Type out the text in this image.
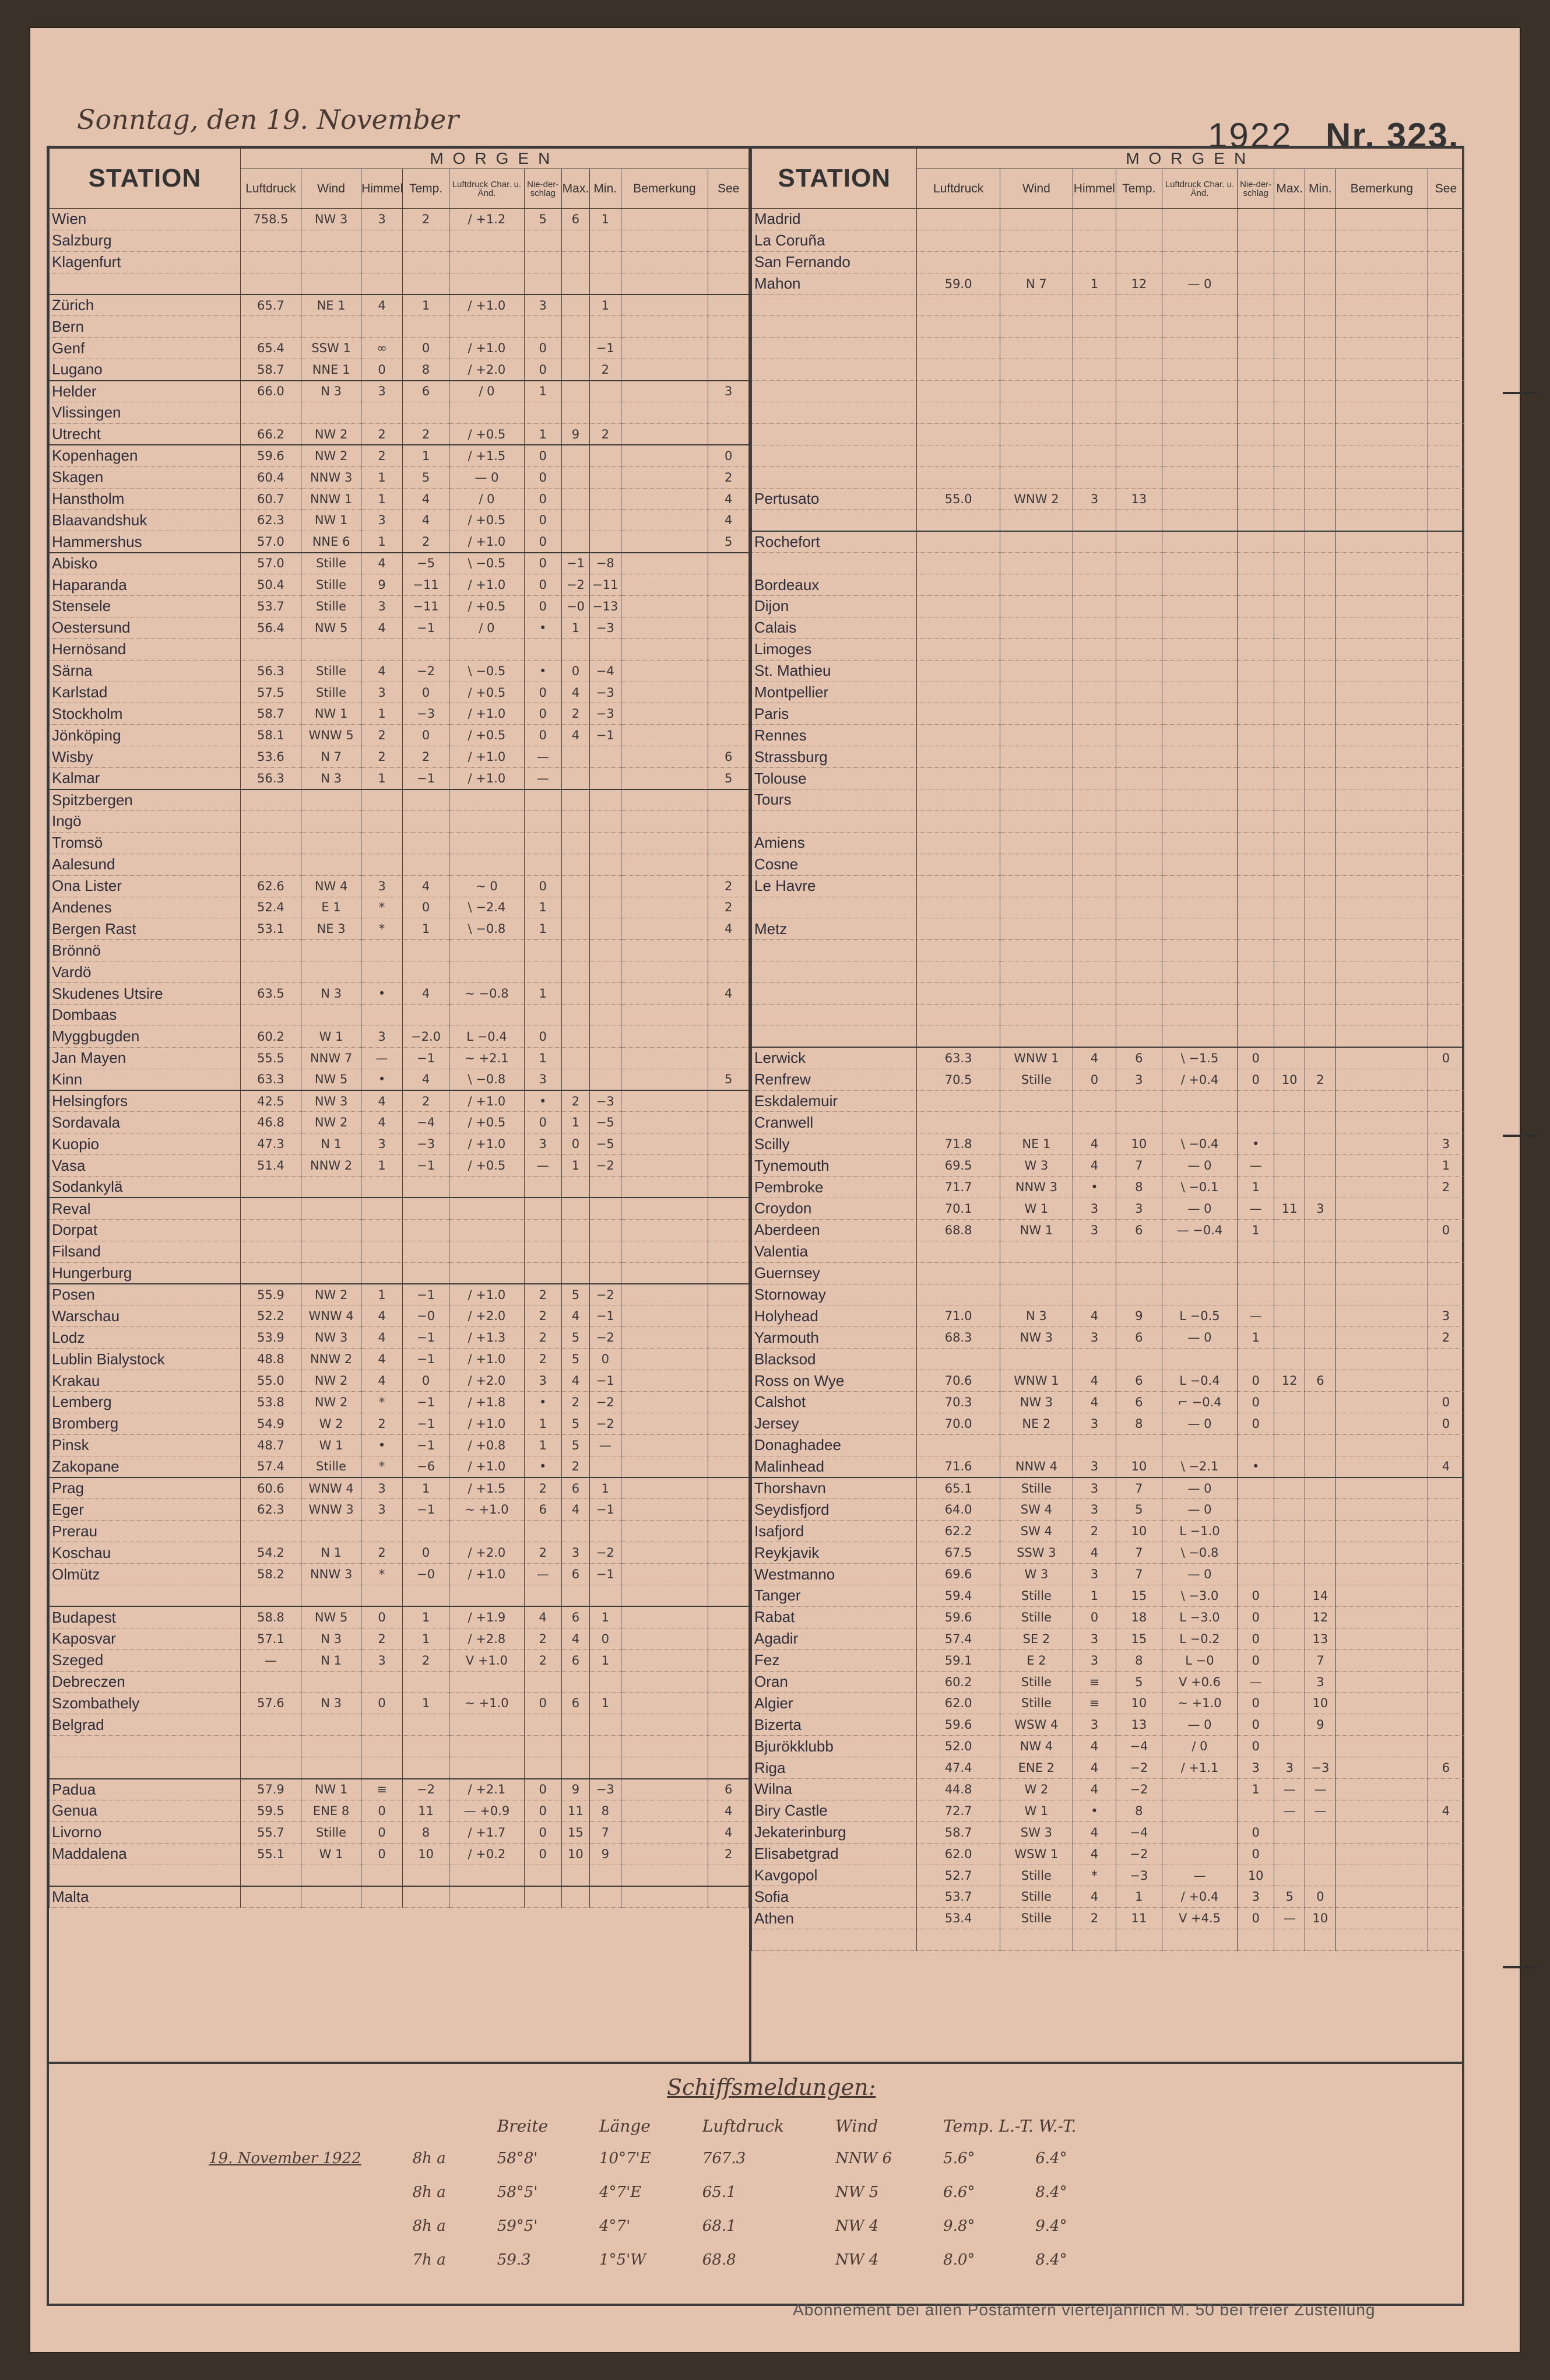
Sonntag, den 19. November	1922 Nr. 323.
STATION	MORGEN									
	Luftdruck	Wind	Himmel	Temp.	Luftdruck Char. u. Änd.	Nie-der-schlag	Max.	Min.	Bemerkung	See
Wien	758.5	NW 3	3	2	/ +1.2	5	6	1		
Salzburg										
Klagenfurt										

Zürich	65.7	NE 1	4	1	/ +1.0	3		1		
Bern										
Genf	65.4	SSW 1	∞	0	/ +1.0	0		−1		
Lugano	58.7	NNE 1	0	8	/ +2.0	0		2		
Helder	66.0	N 3	3	6	/ 0	1				3
Vlissingen										
Utrecht	66.2	NW 2	2	2	/ +0.5	1	9	2		
Kopenhagen	59.6	NW 2	2	1	/ +1.5	0				0
Skagen	60.4	NNW 3	1	5	— 0	0				2
Hanstholm	60.7	NNW 1	1	4	/ 0	0				4
Blaavandshuk	62.3	NW 1	3	4	/ +0.5	0				4
Hammershus	57.0	NNE 6	1	2	/ +1.0	0				5
Abisko	57.0	Stille	4	−5	\ −0.5	0	−1	−8		
Haparanda	50.4	Stille	9	−11	/ +1.0	0	−2	−11		
Stensele	53.7	Stille	3	−11	/ +0.5	0	−0	−13		
Oestersund	56.4	NW 5	4	−1	/ 0	•	1	−3		
Hernösand										
Särna	56.3	Stille	4	−2	\ −0.5	•	0	−4		
Karlstad	57.5	Stille	3	0	/ +0.5	0	4	−3		
Stockholm	58.7	NW 1	1	−3	/ +1.0	0	2	−3		
Jönköping	58.1	WNW 5	2	0	/ +0.5	0	4	−1		
Wisby	53.6	N 7	2	2	/ +1.0	—				6
Kalmar	56.3	N 3	1	−1	/ +1.0	—				5
Spitzbergen										
Ingö										
Tromsö										
Aalesund										
Ona Lister	62.6	NW 4	3	4	~ 0	0				2
Andenes	52.4	E 1	*	0	\ −2.4	1				2
Bergen Rast	53.1	NE 3	*	1	\ −0.8	1				4
Brönnö										
Vardö										
Skudenes Utsire	63.5	N 3	•	4	~ −0.8	1				4
Dombaas										
Myggbugden	60.2	W 1	3	−2.0	L −0.4	0				
Jan Mayen	55.5	NNW 7	—	−1	~ +2.1	1				
Kinn	63.3	NW 5	•	4	\ −0.8	3				5
Helsingfors	42.5	NW 3	4	2	/ +1.0	•	2	−3		
Sordavala	46.8	NW 2	4	−4	/ +0.5	0	1	−5		
Kuopio	47.3	N 1	3	−3	/ +1.0	3	0	−5		
Vasa	51.4	NNW 2	1	−1	/ +0.5	—	1	−2		
Sodankylä										
Reval										
Dorpat										
Filsand										
Hungerburg										
Posen	55.9	NW 2	1	−1	/ +1.0	2	5	−2		
Warschau	52.2	WNW 4	4	−0	/ +2.0	2	4	−1		
Lodz	53.9	NW 3	4	−1	/ +1.3	2	5	−2		
Lublin Bialystock	48.8	NNW 2	4	−1	/ +1.0	2	5	0		
Krakau	55.0	NW 2	4	0	/ +2.0	3	4	−1		
Lemberg	53.8	NW 2	*	−1	/ +1.8	•	2	−2		
Bromberg	54.9	W 2	2	−1	/ +1.0	1	5	−2		
Pinsk	48.7	W 1	•	−1	/ +0.8	1	5	—		
Zakopane	57.4	Stille	*	−6	/ +1.0	•	2			
Prag	60.6	WNW 4	3	1	/ +1.5	2	6	1		
Eger	62.3	WNW 3	3	−1	~ +1.0	6	4	−1		
Prerau										
Koschau	54.2	N 1	2	0	/ +2.0	2	3	−2		
Olmütz	58.2	NNW 3	*	−0	/ +1.0	—	6	−1		

Budapest	58.8	NW 5	0	1	/ +1.9	4	6	1		
Kaposvar	57.1	N 3	2	1	/ +2.8	2	4	0		
Szeged	—	N 1	3	2	V +1.0	2	6	1		
Debreczen										
Szombathely	57.6	N 3	0	1	~ +1.0	0	6	1		
Belgrad										

Padua	57.9	NW 1	≡	−2	/ +2.1	0	9	−3		6
Genua	59.5	ENE 8	0	11	— +0.9	0	11	8		4
Livorno	55.7	Stille	0	8	/ +1.7	0	15	7		4
Maddalena	55.1	W 1	0	10	/ +0.2	0	10	9		2

Malta										
STATION	MORGEN									
	Luftdruck	Wind	Himmel	Temp.	Luftdruck Char. u. Änd.	Nie-der-schlag	Max.	Min.	Bemerkung	See
Madrid										
La Coruña										
San Fernando										
Mahon	59.0	N 7	1	12	— 0					

Pertusato	55.0	WNW 2	3	13						

Rochefort										

Bordeaux										
Dijon										
Calais										
Limoges										
St. Mathieu										
Montpellier										
Paris										
Rennes										
Strassburg										
Tolouse										
Tours										

Amiens										
Cosne										
Le Havre										

Metz										

Lerwick	63.3	WNW 1	4	6	\ −1.5	0				0
Renfrew	70.5	Stille	0	3	/ +0.4	0	10	2		
Eskdalemuir										
Cranwell										
Scilly	71.8	NE 1	4	10	\ −0.4	•				3
Tynemouth	69.5	W 3	4	7	— 0	—				1
Pembroke	71.7	NNW 3	•	8	\ −0.1	1				2
Croydon	70.1	W 1	3	3	— 0	—	11	3		
Aberdeen	68.8	NW 1	3	6	— −0.4	1				0
Valentia										
Guernsey										
Stornoway										
Holyhead	71.0	N 3	4	9	L −0.5	—				3
Yarmouth	68.3	NW 3	3	6	— 0	1				2
Blacksod										
Ross on Wye	70.6	WNW 1	4	6	L −0.4	0	12	6		
Calshot	70.3	NW 3	4	6	⌐ −0.4	0				0
Jersey	70.0	NE 2	3	8	— 0	0				0
Donaghadee										
Malinhead	71.6	NNW 4	3	10	\ −2.1	•				4
Thorshavn	65.1	Stille	3	7	— 0					
Seydisfjord	64.0	SW 4	3	5	— 0					
Isafjord	62.2	SW 4	2	10	L −1.0					
Reykjavik	67.5	SSW 3	4	7	\ −0.8					
Westmanno	69.6	W 3	3	7	— 0					
Tanger	59.4	Stille	1	15	\ −3.0	0		14		
Rabat	59.6	Stille	0	18	L −3.0	0		12		
Agadir	57.4	SE 2	3	15	L −0.2	0		13		
Fez	59.1	E 2	3	8	L −0	0		7		
Oran	60.2	Stille	≡	5	V +0.6	—		3		
Algier	62.0	Stille	≡	10	~ +1.0	0		10		
Bizerta	59.6	WSW 4	3	13	— 0	0		9		
Bjurökklubb	52.0	NW 4	4	−4	/ 0	0				
Riga	47.4	ENE 2	4	−2	/ +1.1	3	3	−3		6
Wilna	44.8	W 2	4	−2		1	—	—		
Biry Castle	72.7	W 1	•	8			—	—		4
Jekaterinburg	58.7	SW 3	4	−4		0				
Elisabetgrad	62.0	WSW 1	4	−2		0				
Kavgopol	52.7	Stille	*	−3	—	10				
Sofia	53.7	Stille	4	1	/ +0.4	3	5	0		
Athen	53.4	Stille	2	11	V +4.5	0	—	10		

Schiffsmeldungen:
		Breite	Länge	Luftdruck	Wind	Temp. L.-T. W.-T.	
19. November 1922	8h a	58°8'	10°7'E	767.3	NNW 6	5.6°	6.4°
	8h a	58°5'	4°7'E	65.1	NW 5	6.6°	8.4°
	8h a	59°5'	4°7'	68.1	NW 4	9.8°	9.4°
	7h a	59.3	1°5'W	68.8	NW 4	8.0°	8.4°
Abonnement bei allen Postämtern vierteljährlich M. 50 bei freier Zustellung
